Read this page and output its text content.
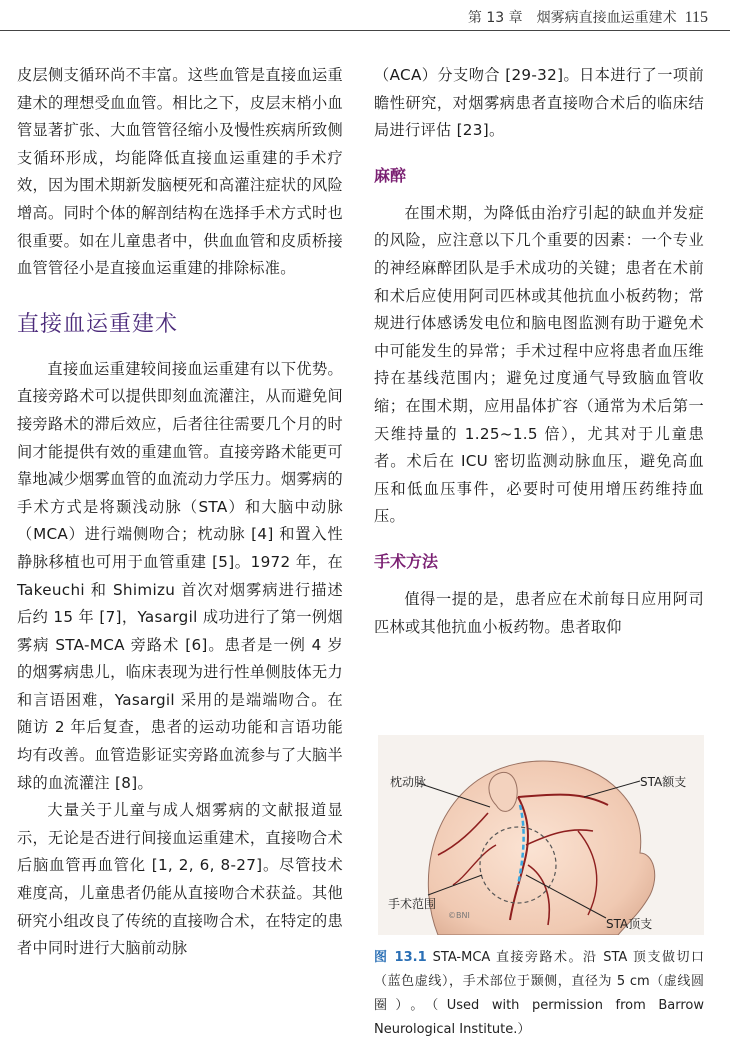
第 13 章　烟雾病直接血运重建术 115

皮层侧支循环尚不丰富。这些血管是直接血运重建术的理想受血血管。相比之下，皮层末梢小血管显著扩张、大血管管径缩小及慢性疾病所致侧支循环形成，均能降低直接血运重建的手术疗效，因为围术期新发脑梗死和高灌注症状的风险增高。同时个体的解剖结构在选择手术方式时也很重要。如在儿童患者中，供血血管和皮质桥接血管管径小是直接血运重建的排除标准。

直接血运重建术

直接血运重建较间接血运重建有以下优势。直接旁路术可以提供即刻血流灌注，从而避免间接旁路术的滞后效应，后者往往需要几个月的时间才能提供有效的重建血管。直接旁路术能更可靠地减少烟雾血管的血流动力学压力。烟雾病的手术方式是将颞浅动脉（STA）和大脑中动脉（MCA）进行端侧吻合；枕动脉 [4] 和置入性静脉移植也可用于血管重建 [5]。1972 年，在 Takeuchi 和 Shimizu 首次对烟雾病进行描述后约 15 年 [7]，Yasargil 成功进行了第一例烟雾病 STA-MCA 旁路术 [6]。患者是一例 4 岁的烟雾病患儿，临床表现为进行性单侧肢体无力和言语困难，Yasargil 采用的是端端吻合。在随访 2 年后复查，患者的运动功能和言语功能均有改善。血管造影证实旁路血流参与了大脑半球的血流灌注 [8]。

大量关于儿童与成人烟雾病的文献报道显示，无论是否进行间接血运重建术，直接吻合术后脑血管再血管化 [1, 2, 6, 8-27]。尽管技术难度高，儿童患者仍能从直接吻合术获益。其他研究小组改良了传统的直接吻合术，在特定的患者中同时进行大脑前动脉

（ACA）分支吻合 [29-32]。日本进行了一项前瞻性研究，对烟雾病患者直接吻合术后的临床结局进行评估 [23]。

麻醉

在围术期，为降低由治疗引起的缺血并发症的风险，应注意以下几个重要的因素：一个专业的神经麻醉团队是手术成功的关键；患者在术前和术后应使用阿司匹林或其他抗血小板药物；常规进行体感诱发电位和脑电图监测有助于避免术中可能发生的异常；手术过程中应将患者血压维持在基线范围内；避免过度通气导致脑血管收缩；在围术期，应用晶体扩容（通常为术后第一天维持量的 1.25~1.5 倍），尤其对于儿童患者。术后在 ICU 密切监测动脉血压，避免高血压和低血压事件，必要时可使用增压药维持血压。

手术方法

值得一提的是，患者应在术前每日应用阿司匹林或其他抗血小板药物。患者取仰

枕动脉	STA额支
手术范围
STA顶支
©BNI
图 13.1 STA-MCA 直接旁路术。沿 STA 顶支做切口（蓝色虚线），手术部位于颞侧，直径为 5 cm（虚线圆圈）。（Used with permission from Barrow Neurological Institute.）
